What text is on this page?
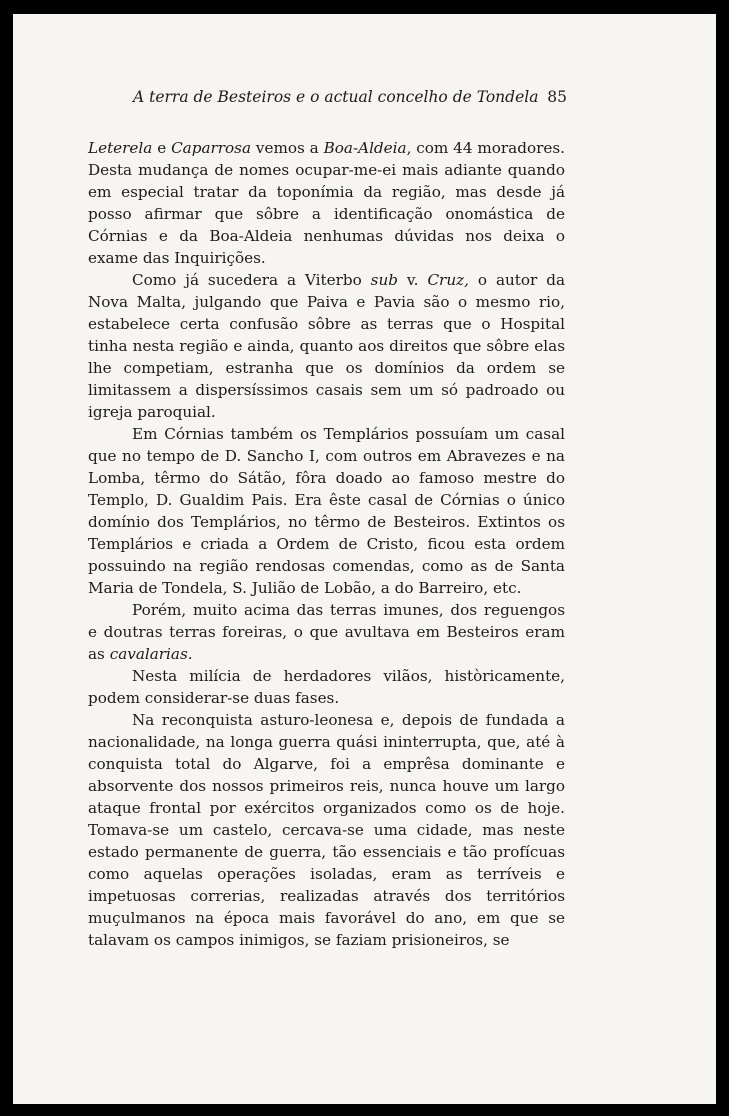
A terra de Besteiros e o actual concelho de Tondela 85

Leterela e Caparrosa vemos a Boa-Aldeia, com 44 moradores. Desta mudança de nomes ocupar-me-ei mais adiante quando em especial tratar da toponímia da região, mas desde já posso afirmar que sôbre a identificação onomástica de Córnias e da Boa-Aldeia nenhumas dúvidas nos deixa o exame das Inquirições.

Como já sucedera a Viterbo sub v. Cruz, o autor da Nova Malta, julgando que Paiva e Pavia são o mesmo rio, estabelece certa confusão sôbre as terras que o Hospital tinha nesta região e ainda, quanto aos direitos que sôbre elas lhe competiam, estranha que os domínios da ordem se limitassem a dispersíssimos casais sem um só padroado ou igreja paroquial.

Em Córnias também os Templários possuíam um casal que no tempo de D. Sancho I, com outros em Abravezes e na Lomba, têrmo do Sátão, fôra doado ao famoso mestre do Templo, D. Gualdim Pais. Era êste casal de Córnias o único domínio dos Templários, no têrmo de Besteiros. Extintos os Templários e criada a Ordem de Cristo, ficou esta ordem possuindo na região rendosas comendas, como as de Santa Maria de Tondela, S. Julião de Lobão, a do Barreiro, etc.

Porém, muito acima das terras imunes, dos reguengos e doutras terras foreiras, o que avultava em Besteiros eram as cavalarias.

Nesta milícia de herdadores vilãos, històricamente, podem considerar-se duas fases.

Na reconquista asturo-leonesa e, depois de fundada a nacionalidade, na longa guerra quási ininterrupta, que, até à conquista total do Algarve, foi a emprêsa dominante e absorvente dos nossos primeiros reis, nunca houve um largo ataque frontal por exércitos organizados como os de hoje. Tomava-se um castelo, cercava-se uma cidade, mas neste estado permanente de guerra, tão essenciais e tão profícuas como aquelas operações isoladas, eram as terríveis e impetuosas correrias, realizadas através dos territórios muçulmanos na época mais favorável do ano, em que se talavam os campos inimigos, se faziam prisioneiros, se
